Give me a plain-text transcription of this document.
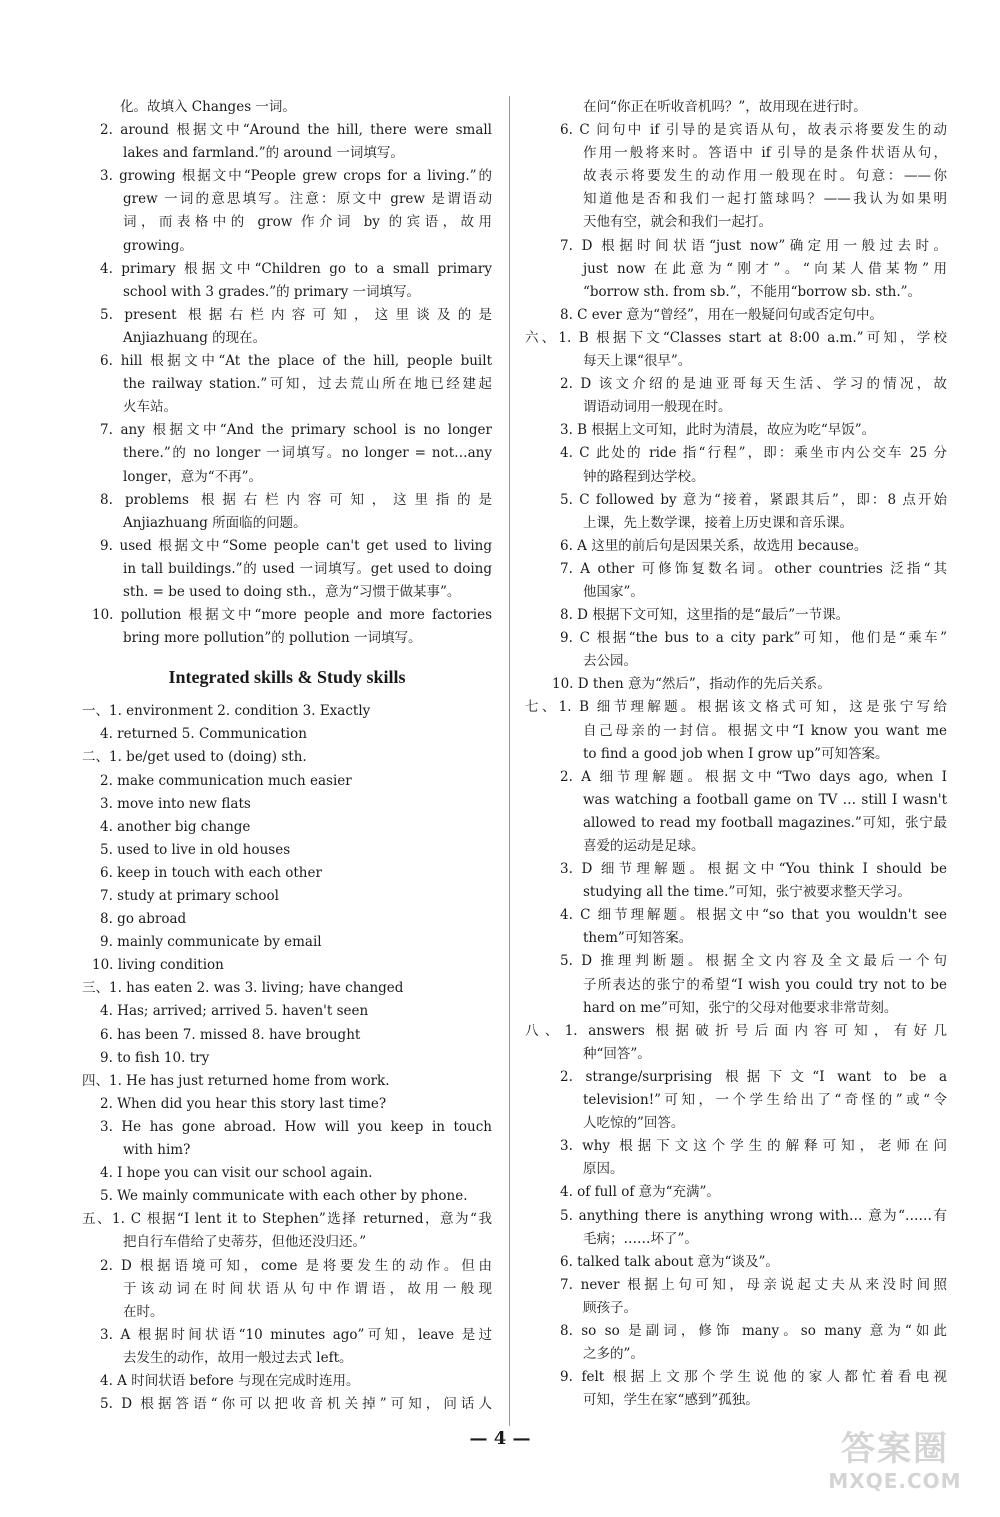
化。故填入 Changes 一词。
2. around 根据文中“Around the hill, there were small
lakes and farmland.”的 around 一词填写。
3. growing 根据文中“People grew crops for a living.”的
grew 一词的意思填写。注意：原文中 grew 是谓语动
词，而表格中的 grow 作介词 by 的宾语，故用
growing。
4. primary 根据文中“Children go to a small primary
school with 3 grades.”的 primary 一词填写。
5. present 根据右栏内容可知，这里谈及的是
Anjiazhuang 的现在。
6. hill 根据文中“At the place of the hill, people built
the railway station.”可知，过去荒山所在地已经建起
火车站。
7. any 根据文中“And the primary school is no longer
there.”的 no longer 一词填写。no longer = not…any
longer，意为“不再”。
8. problems 根据右栏内容可知，这里指的是
Anjiazhuang 所面临的问题。
9. used 根据文中“Some people can't get used to living
in tall buildings.”的 used 一词填写。get used to doing
sth. = be used to doing sth.，意为“习惯于做某事”。
10. pollution 根据文中“more people and more factories
bring more pollution”的 pollution 一词填写。
Integrated skills & Study skills
一、1. environment 2. condition 3. Exactly
4. returned 5. Communication
二、1. be/get used to (doing) sth.
2. make communication much easier
3. move into new flats
4. another big change
5. used to live in old houses
6. keep in touch with each other
7. study at primary school
8. go abroad
9. mainly communicate by email
10. living condition
三、1. has eaten 2. was 3. living; have changed
4. Has; arrived; arrived 5. haven't seen
6. has been 7. missed 8. have brought
9. to fish 10. try
四、1. He has just returned home from work.
2. When did you hear this story last time?
3. He has gone abroad. How will you keep in touch
with him?
4. I hope you can visit our school again.
5. We mainly communicate with each other by phone.
五、1. C 根据“I lent it to Stephen”选择 returned，意为“我
把自行车借给了史蒂芬，但他还没归还。”
2. D 根据语境可知，come 是将要发生的动作。但由
于该动词在时间状语从句中作谓语，故用一般现
在时。
3. A 根据时间状语“10 minutes ago”可知，leave 是过
去发生的动作，故用一般过去式 left。
4. A 时间状语 before 与现在完成时连用。
5. D 根据答语“你可以把收音机关掉”可知，问话人
在问“你正在听收音机吗？”，故用现在进行时。
6. C 问句中 if 引导的是宾语从句，故表示将要发生的动
作用一般将来时。答语中 if 引导的是条件状语从句，
故表示将要发生的动作用一般现在时。句意：——你
知道他是否和我们一起打篮球吗？——我认为如果明
天他有空，就会和我们一起打。
7. D 根据时间状语“just now”确定用一般过去时。
just now 在此意为“刚才”。“向某人借某物”用
“borrow sth. from sb.”，不能用“borrow sb. sth.”。
8. C ever 意为“曾经”，用在一般疑问句或否定句中。
六、1. B 根据下文“Classes start at 8:00 a.m.”可知，学校
每天上课“很早”。
2. D 该文介绍的是迪亚哥每天生活、学习的情况，故
谓语动词用一般现在时。
3. B 根据上文可知，此时为清晨，故应为吃“早饭”。
4. C 此处的 ride 指“行程”，即：乘坐市内公交车 25 分
钟的路程到达学校。
5. C followed by 意为“接着，紧跟其后”，即：8 点开始
上课，先上数学课，接着上历史课和音乐课。
6. A 这里的前后句是因果关系，故选用 because。
7. A other 可修饰复数名词。other countries 泛指“其
他国家”。
8. D 根据下文可知，这里指的是“最后”一节课。
9. C 根据“the bus to a city park”可知，他们是“乘车”
去公园。
10. D then 意为“然后”，指动作的先后关系。
七、1. B 细节理解题。根据该文格式可知，这是张宁写给
自己母亲的一封信。根据文中“I know you want me
to find a good job when I grow up”可知答案。
2. A 细节理解题。根据文中“Two days ago, when I
was watching a football game on TV … still I wasn't
allowed to read my football magazines.”可知，张宁最
喜爱的运动是足球。
3. D 细节理解题。根据文中“You think I should be
studying all the time.”可知，张宁被要求整天学习。
4. C 细节理解题。根据文中“so that you wouldn't see
them”可知答案。
5. D 推理判断题。根据全文内容及全文最后一个句
子所表达的张宁的希望“I wish you could try not to be
hard on me”可知，张宁的父母对他要求非常苛刻。
八、1. answers 根据破折号后面内容可知，有好几
种“回答”。
2. strange/surprising 根据下文“I want to be a
television!”可知，一个学生给出了“奇怪的”或“令
人吃惊的”回答。
3. why 根据下文这个学生的解释可知，老师在问
原因。
4. of full of 意为“充满”。
5. anything there is anything wrong with… 意为“……有
毛病；……坏了”。
6. talked talk about 意为“谈及”。
7. never 根据上句可知，母亲说起丈夫从来没时间照
顾孩子。
8. so so 是副词，修饰 many。so many 意为“如此
之多的”。
9. felt 根据上文那个学生说他的家人都忙着看电视
可知，学生在家“感到”孤独。
— 4 —	答案圈
MXQE.COM
